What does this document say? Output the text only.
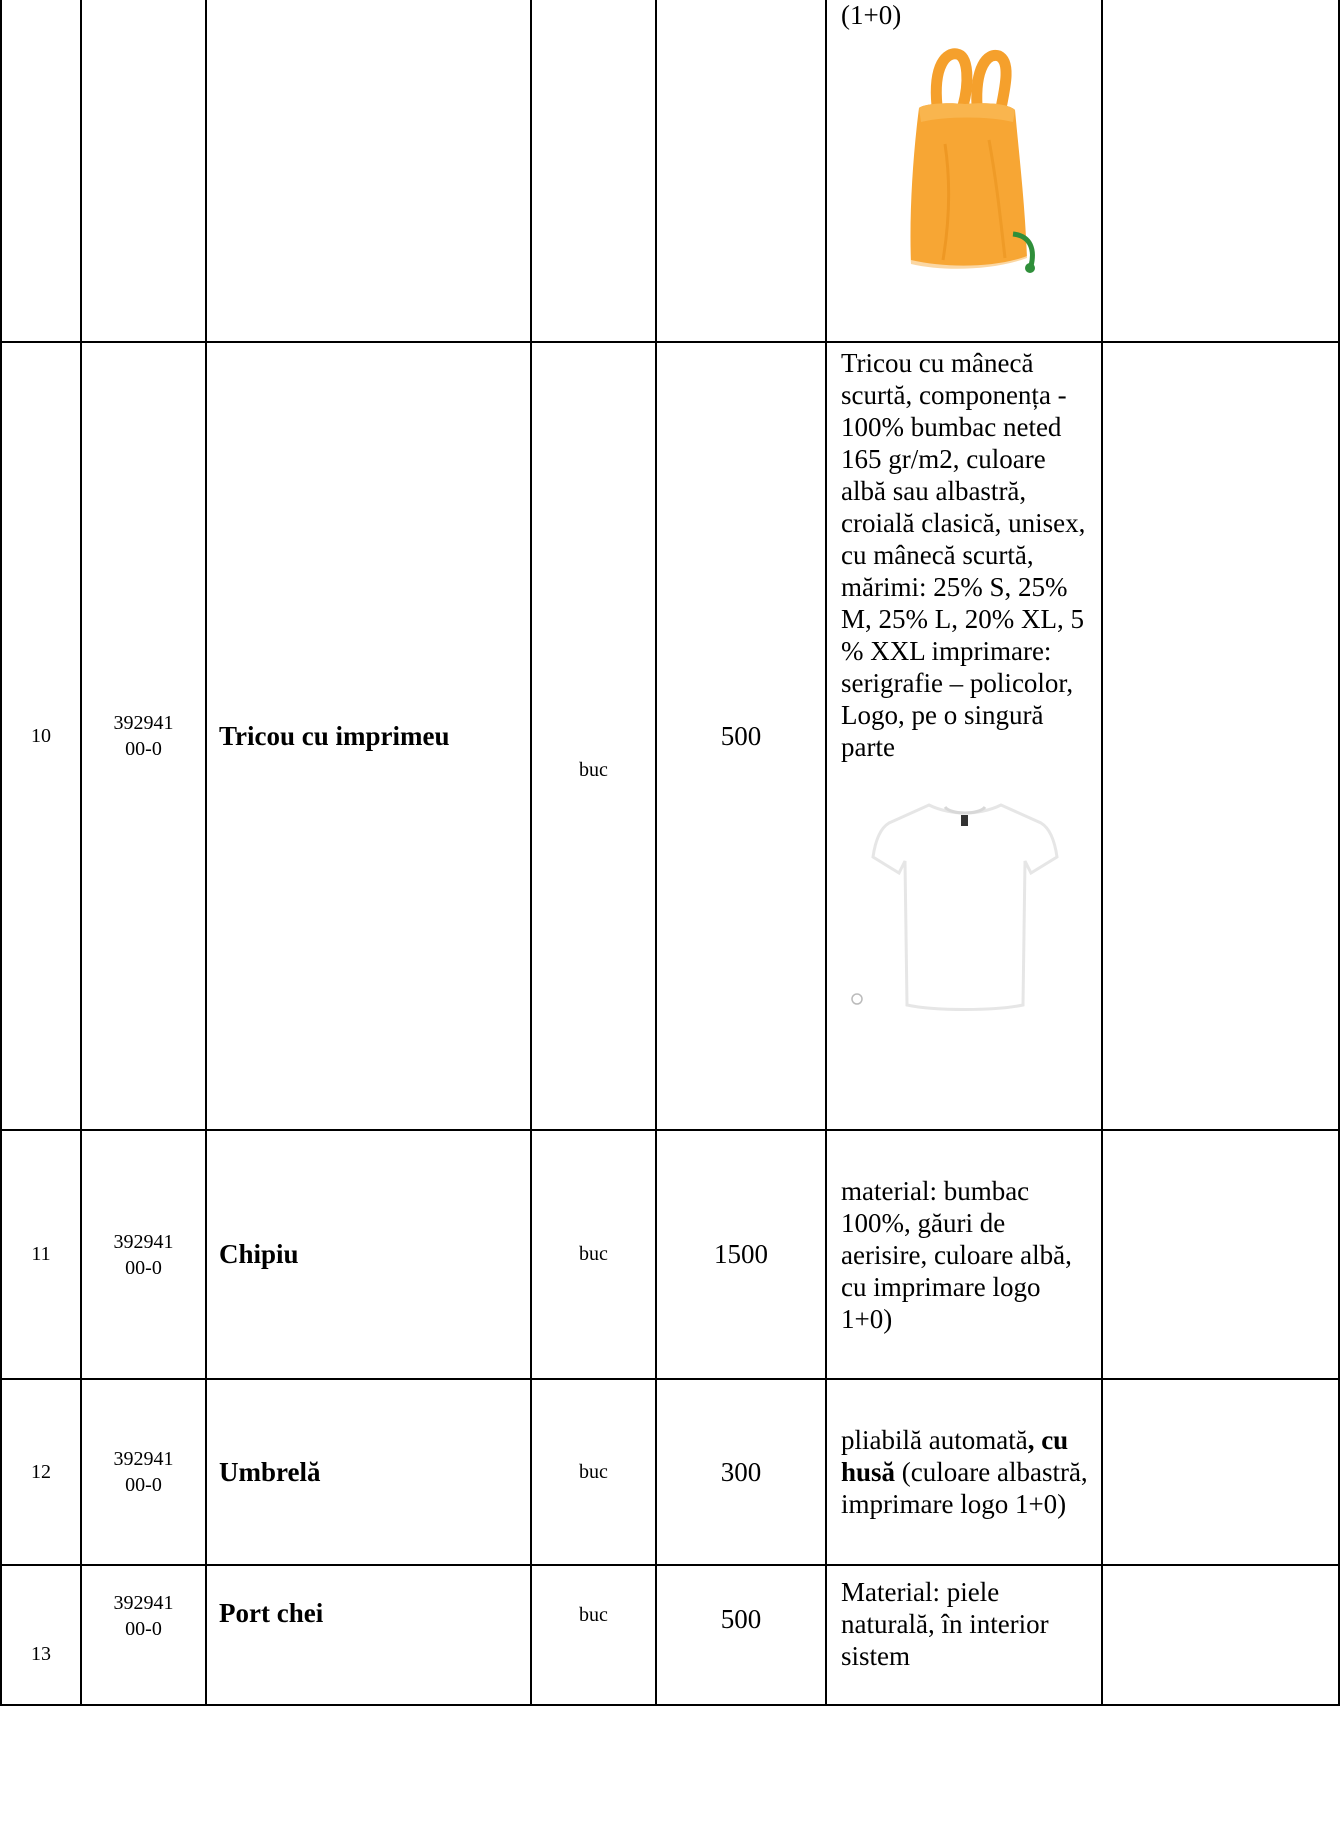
					(1+0)	

10	392941
00-0	Tricou cu imprimeu	buc	500	Tricou cu mânecă scurtă, componența - 100% bumbac neted 165 gr/m2, culoare albă sau albastră, croială clasică, unisex, cu mânecă scurtă, mărimi: 25% S, 25% M, 25% L, 20% XL, 5 % XXL imprimare: serigrafie – policolor, Logo, pe o singură parte	

11	392941
00-0	Chipiu	buc	1500	material: bumbac 100%, găuri de aerisire, culoare albă, cu imprimare logo 1+0)	

12	392941
00-0	Umbrelă	buc	300	pliabilă automată, cu husă (culoare albastră, imprimare logo 1+0)	

13	392941
00-0	Port chei	buc	500	Material: piele naturală, în interior sistem	
